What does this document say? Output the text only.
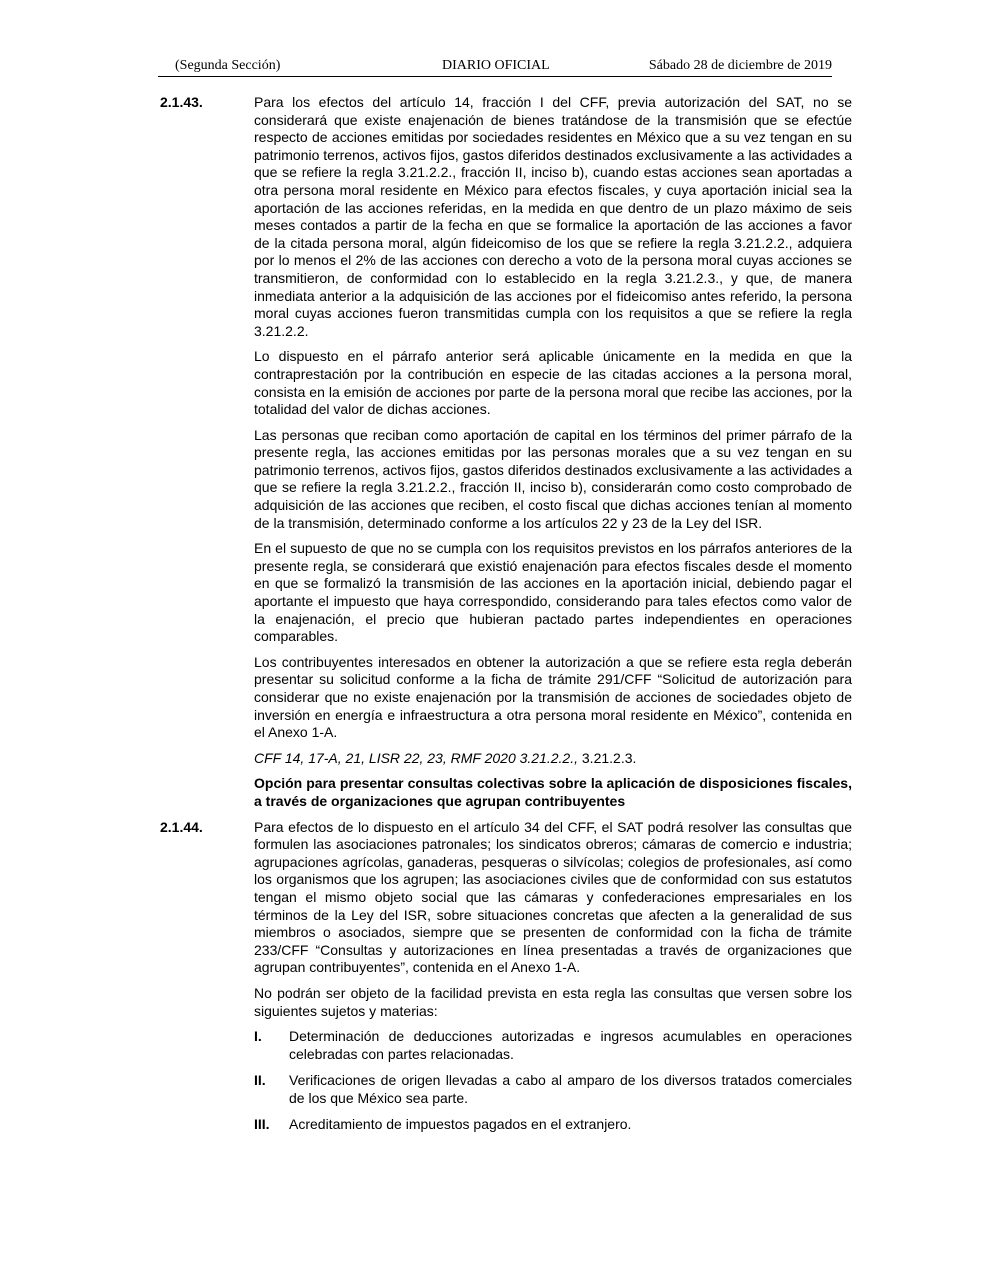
(Segunda Sección)	DIARIO OFICIAL	Sábado 28 de diciembre de 2019
2.1.43.	Para los efectos del artículo 14, fracción I del CFF, previa autorización del SAT, no se considerará que existe enajenación de bienes tratándose de la transmisión que se efectúe respecto de acciones emitidas por sociedades residentes en México que a su vez tengan en su patrimonio terrenos, activos fijos, gastos diferidos destinados exclusivamente a las actividades a que se refiere la regla 3.21.2.2., fracción II, inciso b), cuando estas acciones sean aportadas a otra persona moral residente en México para efectos fiscales, y cuya aportación inicial sea la aportación de las acciones referidas, en la medida en que dentro de un plazo máximo de seis meses contados a partir de la fecha en que se formalice la aportación de las acciones a favor de la citada persona moral, algún fideicomiso de los que se refiere la regla 3.21.2.2., adquiera por lo menos el 2% de las acciones con derecho a voto de la persona moral cuyas acciones se transmitieron, de conformidad con lo establecido en la regla 3.21.2.3., y que, de manera inmediata anterior a la adquisición de las acciones por el fideicomiso antes referido, la persona moral cuyas acciones fueron transmitidas cumpla con los requisitos a que se refiere la regla 3.21.2.2.

Lo dispuesto en el párrafo anterior será aplicable únicamente en la medida en que la contraprestación por la contribución en especie de las citadas acciones a la persona moral, consista en la emisión de acciones por parte de la persona moral que recibe las acciones, por la totalidad del valor de dichas acciones.

Las personas que reciban como aportación de capital en los términos del primer párrafo de la presente regla, las acciones emitidas por las personas morales que a su vez tengan en su patrimonio terrenos, activos fijos, gastos diferidos destinados exclusivamente a las actividades a que se refiere la regla 3.21.2.2., fracción II, inciso b), considerarán como costo comprobado de adquisición de las acciones que reciben, el costo fiscal que dichas acciones tenían al momento de la transmisión, determinado conforme a los artículos 22 y 23 de la Ley del ISR.

En el supuesto de que no se cumpla con los requisitos previstos en los párrafos anteriores de la presente regla, se considerará que existió enajenación para efectos fiscales desde el momento en que se formalizó la transmisión de las acciones en la aportación inicial, debiendo pagar el aportante el impuesto que haya correspondido, considerando para tales efectos como valor de la enajenación, el precio que hubieran pactado partes independientes en operaciones comparables.

Los contribuyentes interesados en obtener la autorización a que se refiere esta regla deberán presentar su solicitud conforme a la ficha de trámite 291/CFF “Solicitud de autorización para considerar que no existe enajenación por la transmisión de acciones de sociedades objeto de inversión en energía e infraestructura a otra persona moral residente en México”, contenida en el Anexo 1-A.

CFF 14, 17-A, 21, LISR 22, 23, RMF 2020 3.21.2.2., 3.21.2.3.

Opción para presentar consultas colectivas sobre la aplicación de disposiciones fiscales, a través de organizaciones que agrupan contribuyentes

2.1.44.	Para efectos de lo dispuesto en el artículo 34 del CFF, el SAT podrá resolver las consultas que formulen las asociaciones patronales; los sindicatos obreros; cámaras de comercio e industria; agrupaciones agrícolas, ganaderas, pesqueras o silvícolas; colegios de profesionales, así como los organismos que los agrupen; las asociaciones civiles que de conformidad con sus estatutos tengan el mismo objeto social que las cámaras y confederaciones empresariales en los términos de la Ley del ISR, sobre situaciones concretas que afecten a la generalidad de sus miembros o asociados, siempre que se presenten de conformidad con la ficha de trámite 233/CFF “Consultas y autorizaciones en línea presentadas a través de organizaciones que agrupan contribuyentes”, contenida en el Anexo 1-A.

No podrán ser objeto de la facilidad prevista en esta regla las consultas que versen sobre los siguientes sujetos y materias:

I. Determinación de deducciones autorizadas e ingresos acumulables en operaciones celebradas con partes relacionadas.
II. Verificaciones de origen llevadas a cabo al amparo de los diversos tratados comerciales de los que México sea parte.
III. Acreditamiento de impuestos pagados en el extranjero.
